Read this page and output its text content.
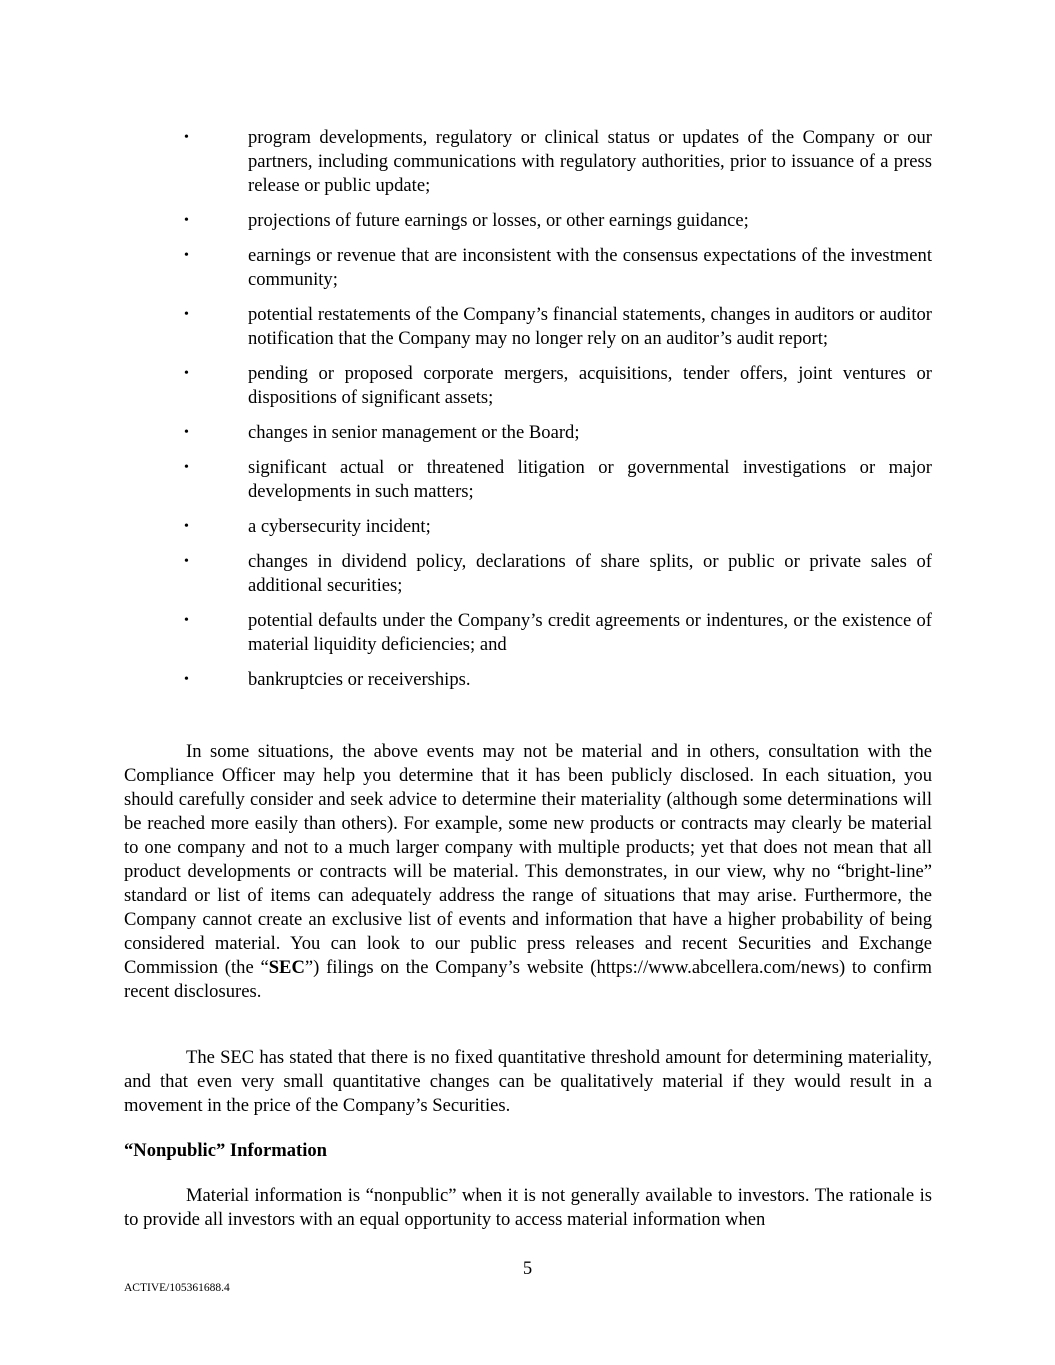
•	program developments, regulatory or clinical status or updates of the Company or our partners, including communications with regulatory authorities, prior to issuance of a press release or public update;
•	projections of future earnings or losses, or other earnings guidance;
•	earnings or revenue that are inconsistent with the consensus expectations of the investment community;
•	potential restatements of the Company’s financial statements, changes in auditors or auditor notification that the Company may no longer rely on an auditor’s audit report;
•	pending or proposed corporate mergers, acquisitions, tender offers, joint ventures or dispositions of significant assets;
•	changes in senior management or the Board;
•	significant actual or threatened litigation or governmental investigations or major developments in such matters;
•	a cybersecurity incident;
•	changes in dividend policy, declarations of share splits, or public or private sales of additional securities;
•	potential defaults under the Company’s credit agreements or indentures, or the existence of material liquidity deficiencies; and
•	bankruptcies or receiverships.

In some situations, the above events may not be material and in others, consultation with the Compliance Officer may help you determine that it has been publicly disclosed. In each situation, you should carefully consider and seek advice to determine their materiality (although some determinations will be reached more easily than others). For example, some new products or contracts may clearly be material to one company and not to a much larger company with multiple products; yet that does not mean that all product developments or contracts will be material. This demonstrates, in our view, why no “bright-line” standard or list of items can adequately address the range of situations that may arise. Furthermore, the Company cannot create an exclusive list of events and information that have a higher probability of being considered material. You can look to our public press releases and recent Securities and Exchange Commission (the “SEC”) filings on the Company’s website (https://www.abcellera.com/news) to confirm recent disclosures.

The SEC has stated that there is no fixed quantitative threshold amount for determining materiality, and that even very small quantitative changes can be qualitatively material if they would result in a movement in the price of the Company’s Securities.

“Nonpublic” Information

Material information is “nonpublic” when it is not generally available to investors. The rationale is to provide all investors with an equal opportunity to access material information when

5
ACTIVE/105361688.4
